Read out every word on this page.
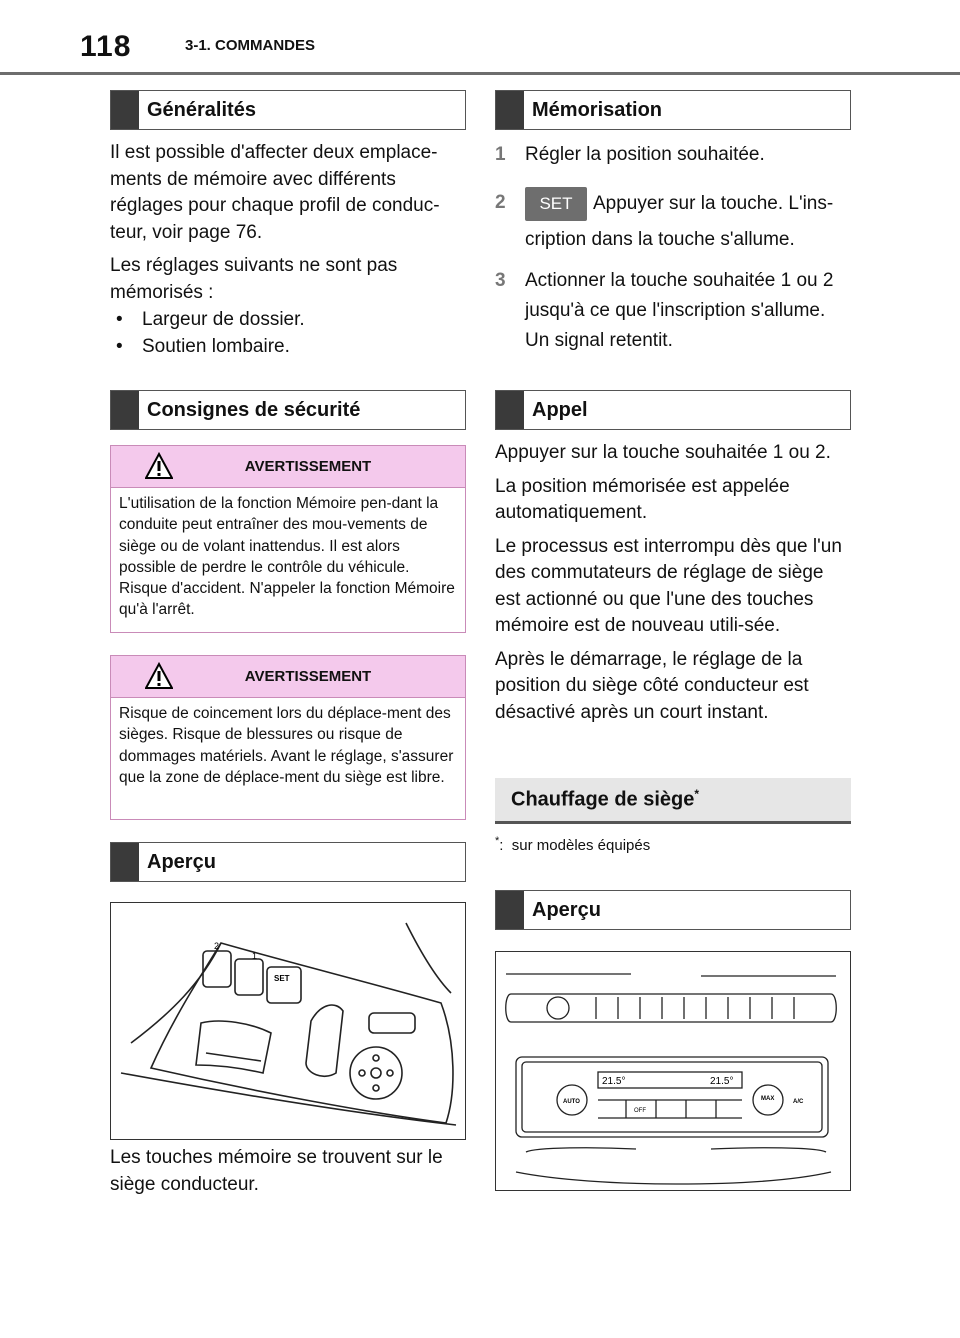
118	3-1. COMMANDES
Généralités

Il est possible d'affecter deux emplace-ments de mémoire avec différents réglages pour chaque profil de conduc-teur, voir page 76.

Les réglages suivants ne sont pas mémorisés :

•	Largeur de dossier.
•	Soutien lombaire.
Consignes de sécurité
AVERTISSEMENT
L'utilisation de la fonction Mémoire pen-dant la conduite peut entraîner des mou-vements de siège ou de volant inattendus. Il est alors possible de perdre le contrôle du véhicule. Risque d'accident. N'appeler la fonction Mémoire qu'à l'arrêt.
AVERTISSEMENT
Risque de coincement lors du déplace-ment des sièges. Risque de blessures ou risque de dommages matériels. Avant le réglage, s'assurer que la zone de déplace-ment du siège est libre.
Aperçu
2
1
SET

Les touches mémoire se trouvent sur le siège conducteur.

Mémorisation
1	Régler la position souhaitée.
2	SET Appuyer sur la touche. L'ins-cription dans la touche s'allume.
3	Actionner la touche souhaitée 1 ou 2 jusqu'à ce que l'inscription s'allume. Un signal retentit.
Appel

Appuyer sur la touche souhaitée 1 ou 2.

La position mémorisée est appelée automatiquement.

Le processus est interrompu dès que l'un des commutateurs de réglage de siège est actionné ou que l'une des touches mémoire est de nouveau utili-sée.

Après le démarrage, le réglage de la position du siège côté conducteur est désactivé après un court instant.

Chauffage de siège*
*:  sur modèles équipés
Aperçu
21.5°	21.5°
AUTO	MAX	A/C
OFF
